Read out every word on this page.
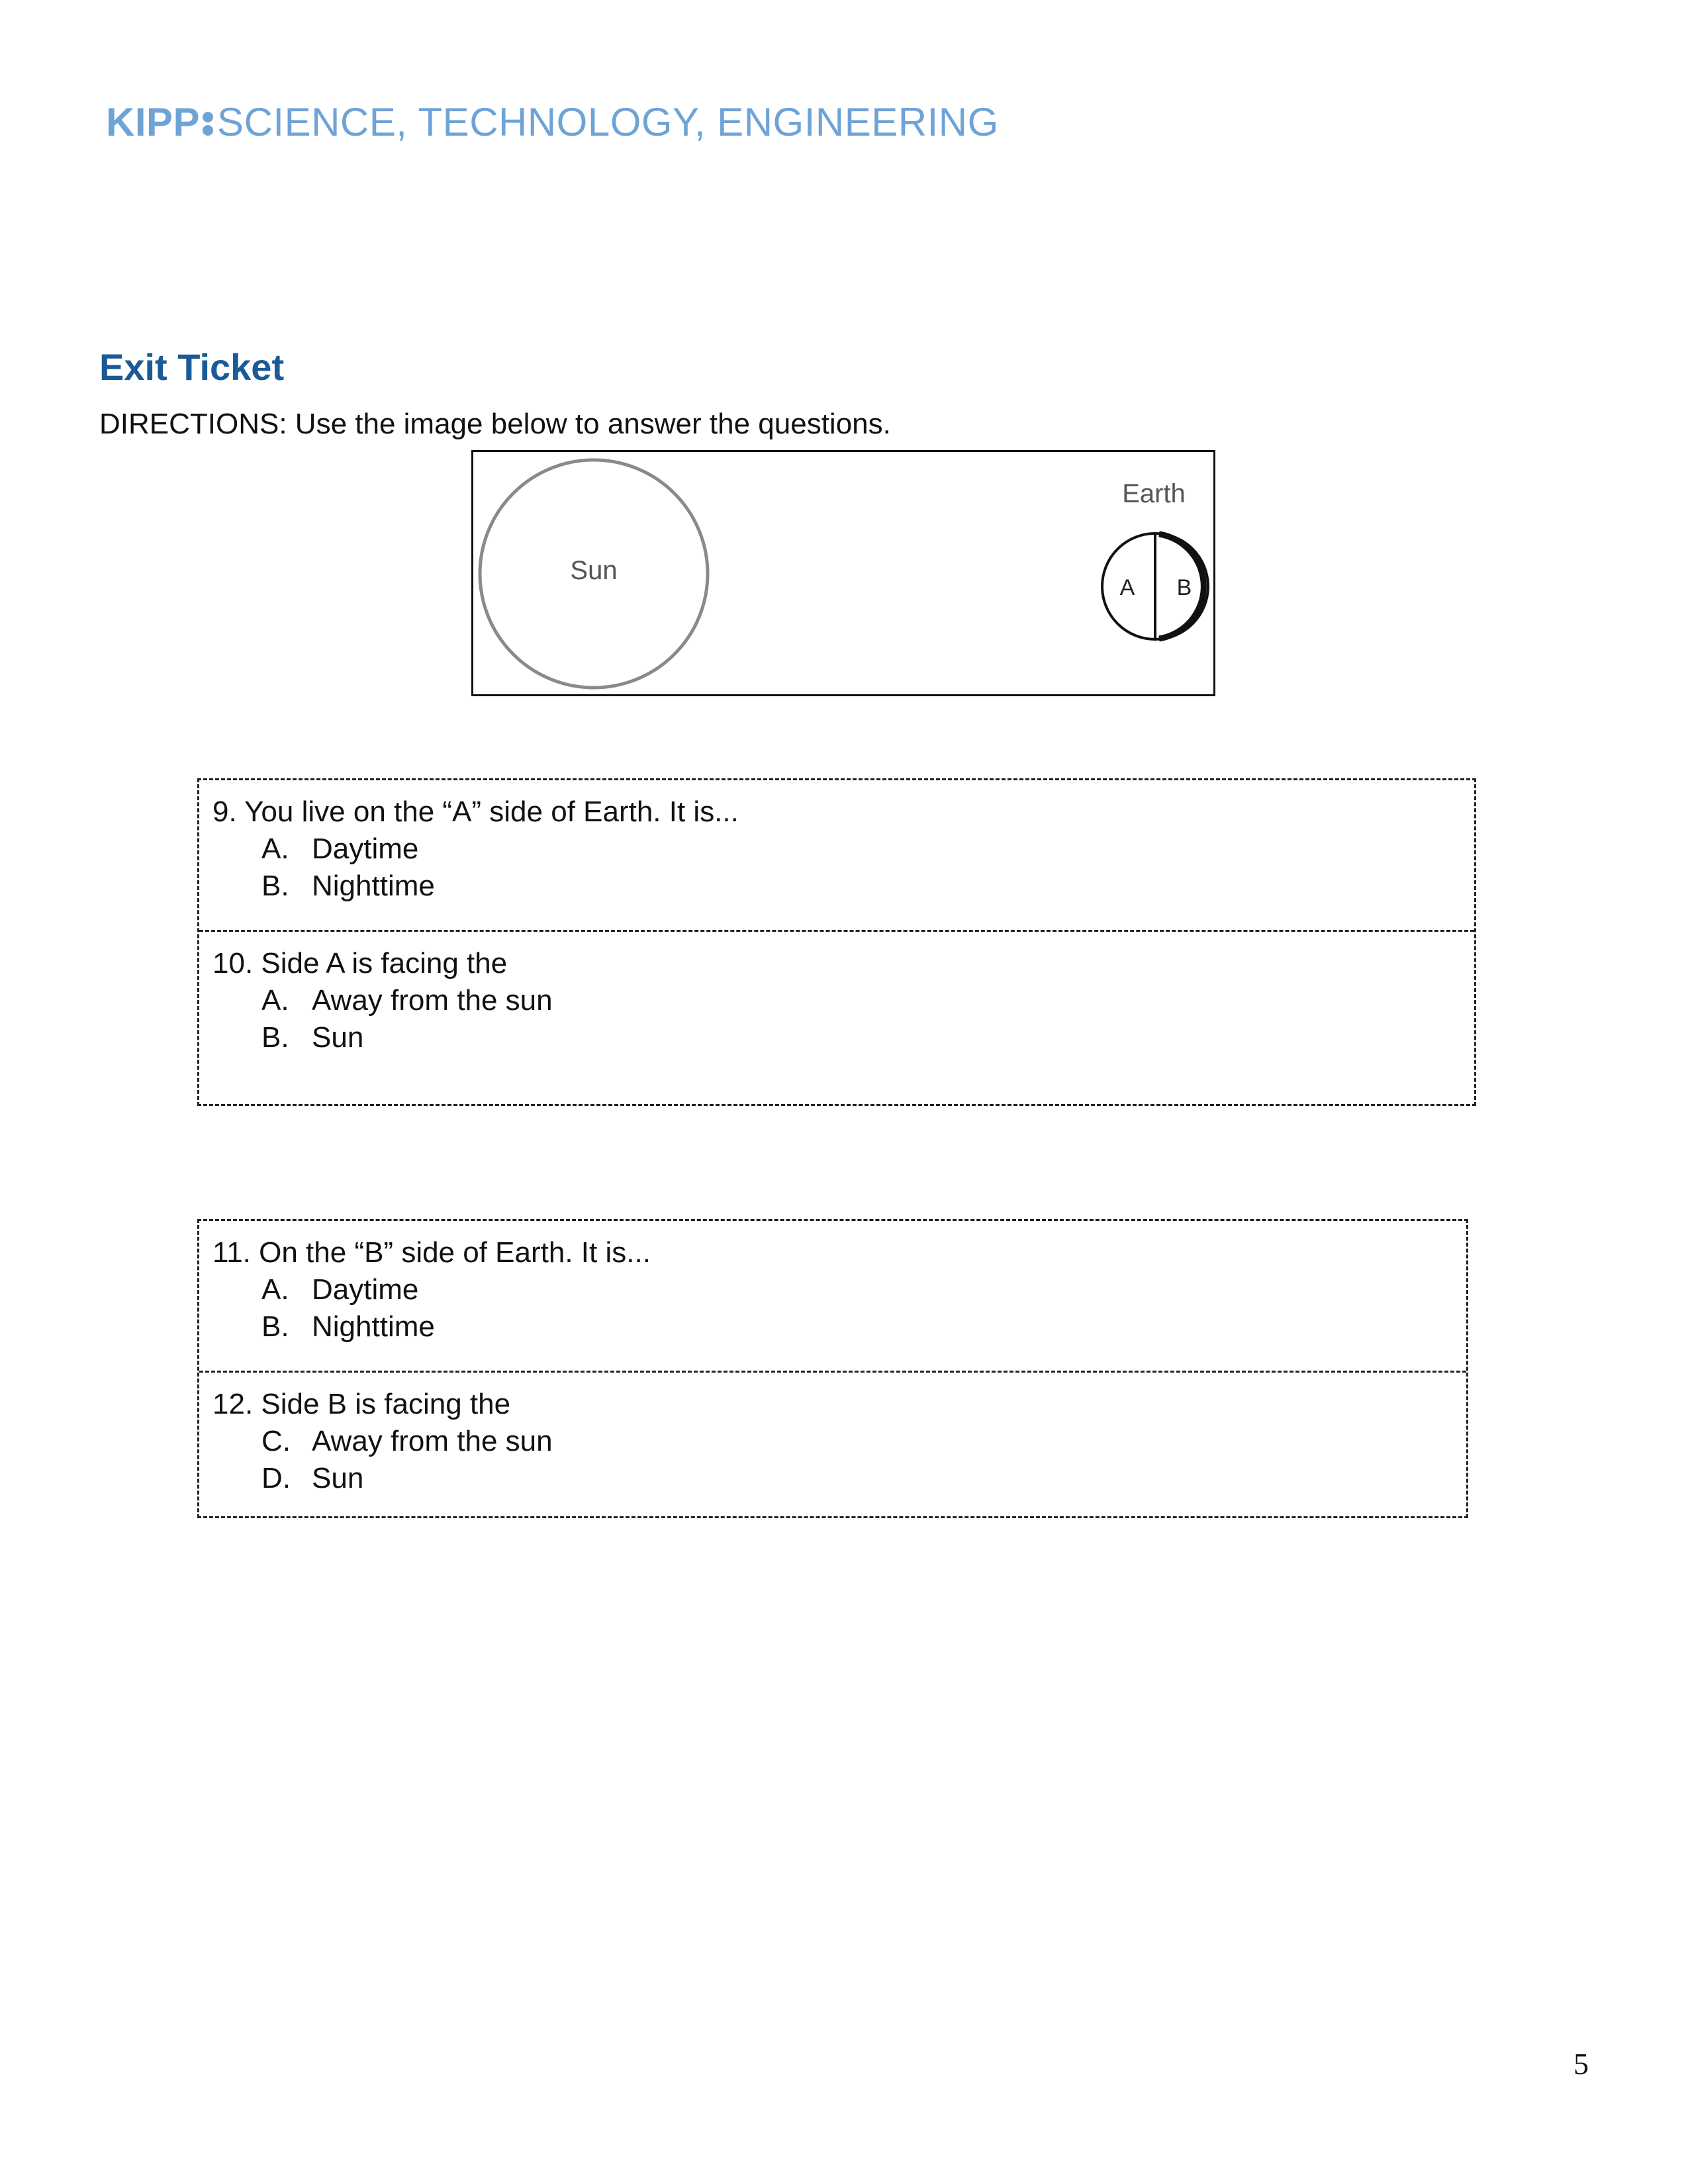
KIPP SCIENCE, TECHNOLOGY, ENGINEERING
Exit Ticket
DIRECTIONS: Use the image below to answer the questions.
Sun
Earth
A B
9. You live on the “A” side of Earth. It is...
A. Daytime
B. Nighttime
10. Side A is facing the
A. Away from the sun
B. Sun
11. On the “B” side of Earth. It is...
A. Daytime
B. Nighttime
12. Side B is facing the
C. Away from the sun
D. Sun
5
